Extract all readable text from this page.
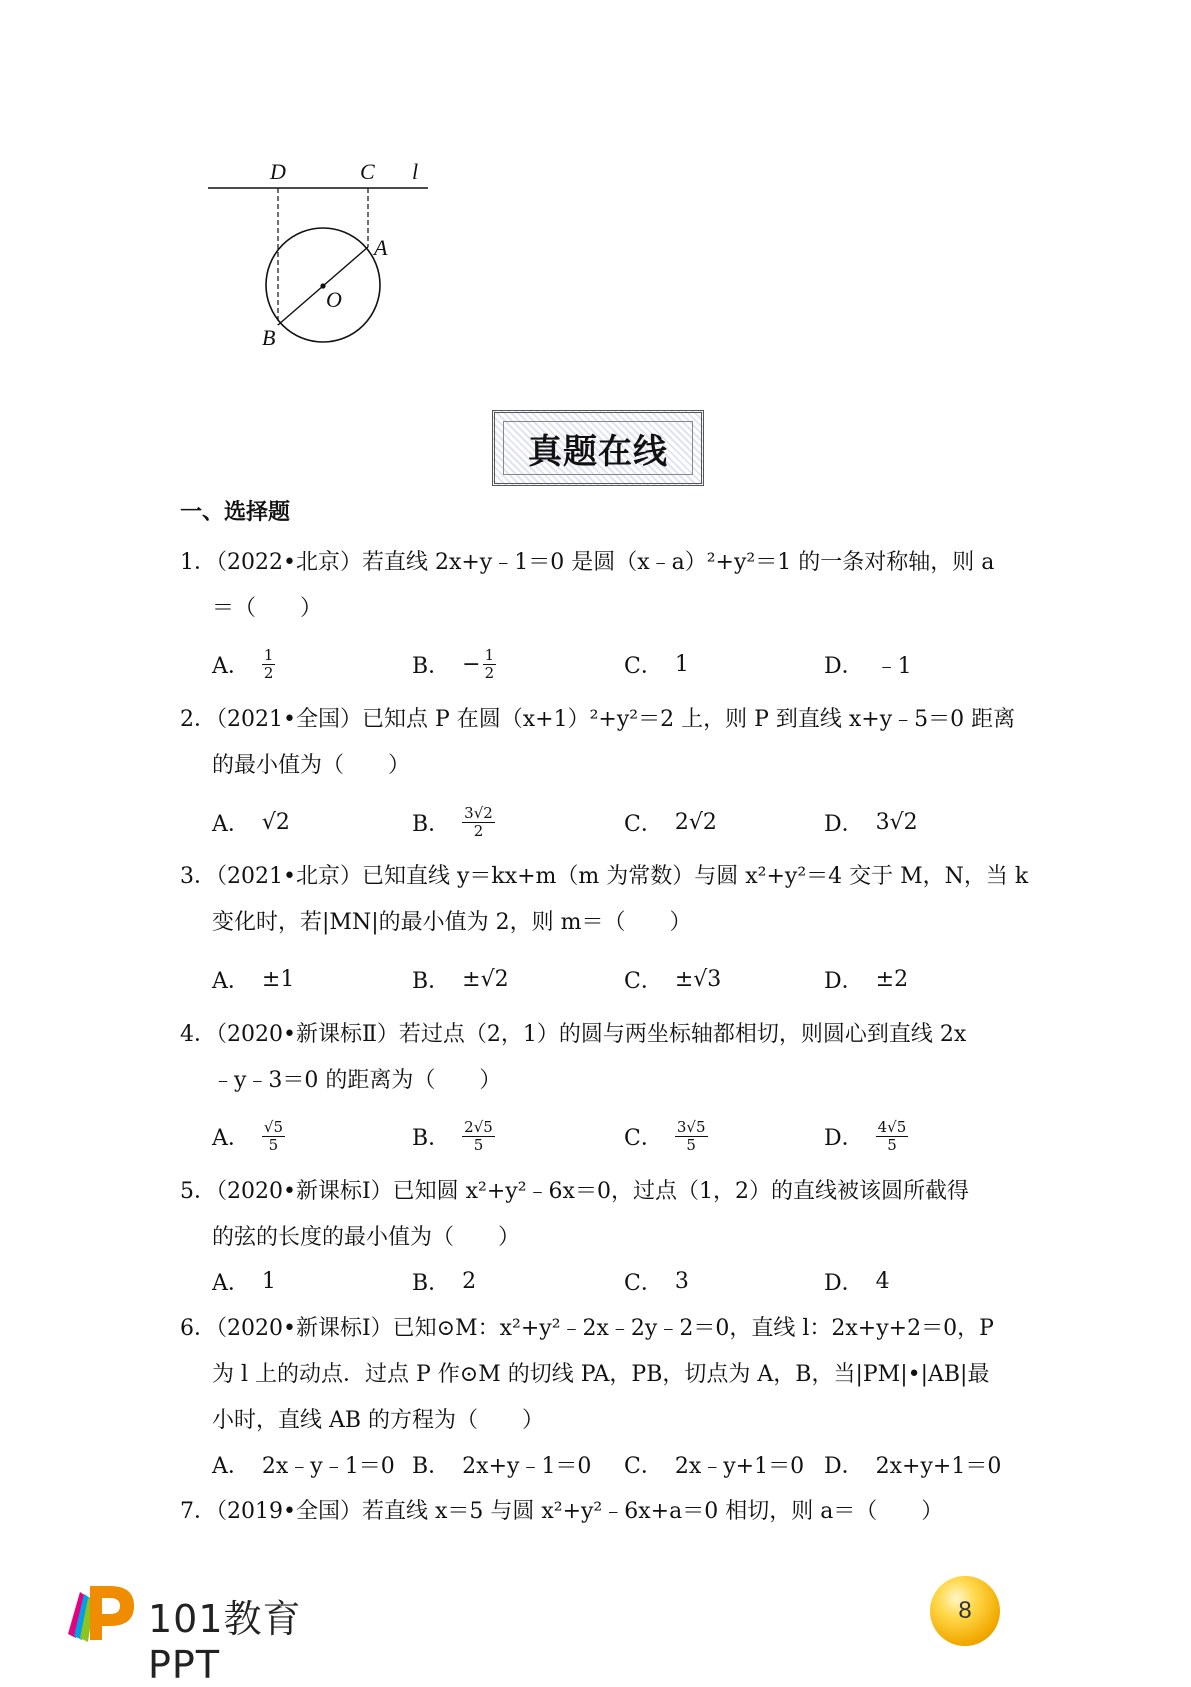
D	C l
A
O
B
真题在线
一、选择题
1．（2022•北京）若直线 2x+y﹣1＝0 是圆（x﹣a）²+y²＝1 的一条对称轴，则 a
＝（　　）
A． $\frac{1}{2}$	B． − $\frac{1}{2}$	C． 1	D． ﹣1
2．（2021•全国）已知点 P 在圆（x+1）²+y²＝2 上，则 P 到直线 x+y﹣5＝0 距离
的最小值为（　　）
A． √2	B． $\frac{3√2}{2}$	C． 2√2	D． 3√2
3．（2021•北京）已知直线 y＝kx+m（m 为常数）与圆 x²+y²＝4 交于 M，N，当 k
变化时，若|MN|的最小值为 2，则 m＝（　　）
A． ±1	B． ±√2	C． ±√3	D． ±2
4．（2020•新课标Ⅱ）若过点（2，1）的圆与两坐标轴都相切，则圆心到直线 2x
﹣y﹣3＝0 的距离为（　　）
A． $\frac{√5}{5}$	B． $\frac{2√5}{5}$	C． $\frac{3√5}{5}$	D． $\frac{4√5}{5}$
5．（2020•新课标Ⅰ）已知圆 x²+y²﹣6x＝0，过点（1，2）的直线被该圆所截得
的弦的长度的最小值为（　　）
A． 1	B． 2	C． 3	D． 4
6．（2020•新课标Ⅰ）已知⊙M：x²+y²﹣2x﹣2y﹣2＝0，直线 l：2x+y+2＝0，P
为 l 上的动点．过点 P 作⊙M 的切线 PA，PB，切点为 A，B，当|PM|•|AB|最
小时，直线 AB 的方程为（　　）
A． 2x﹣y﹣1＝0 B． 2x+y﹣1＝0 C． 2x﹣y+1＝0 D． 2x+y+1＝0
7．（2019•全国）若直线 x＝5 与圆 x²+y²﹣6x+a＝0 相切，则 a＝（　　）
101教育PPT
8
